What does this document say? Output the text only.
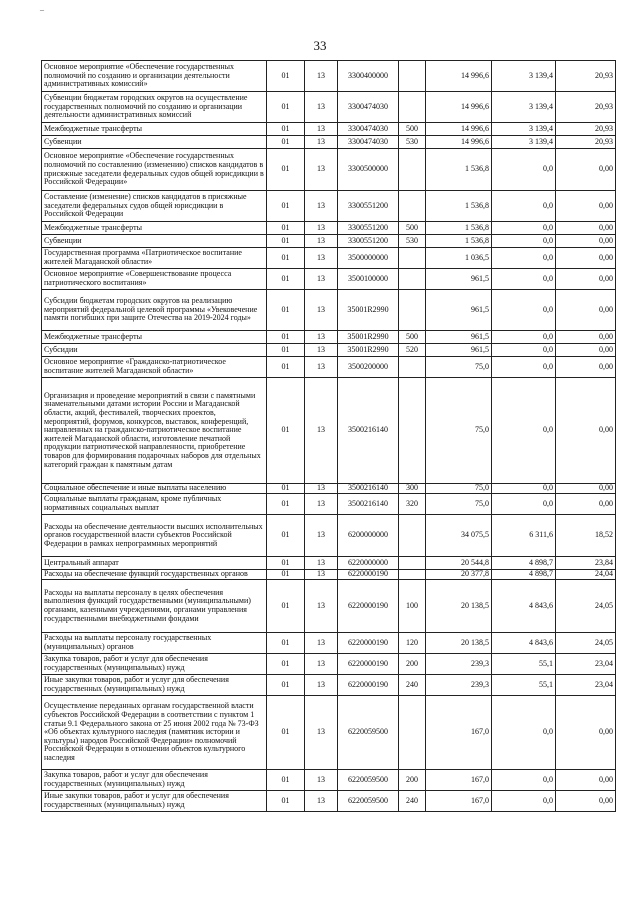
–
33
Основное мероприятие «Обеспечение государственных полномочий по созданию и организации деятельности административных комиссий»	01	13	3300400000		14 996,6	3 139,4	20,93
Субвенции бюджетам городских округов на осуществление государственных полномочий по созданию и организации деятельности административных комиссий	01	13	3300474030		14 996,6	3 139,4	20,93
Межбюджетные трансферты	01	13	3300474030	500	14 996,6	3 139,4	20,93
Субвенции	01	13	3300474030	530	14 996,6	3 139,4	20,93
Основное мероприятие «Обеспечение государственных полномочий по составлению (изменению) списков кандидатов в присяжные заседатели федеральных судов общей юрисдикции в Российской Федерации»	01	13	3300500000		1 536,8	0,0	0,00
Составление (изменение) списков кандидатов в присяжные заседатели федеральных судов общей юрисдикции в Российской Федерации	01	13	3300551200		1 536,8	0,0	0,00
Межбюджетные трансферты	01	13	3300551200	500	1 536,8	0,0	0,00
Субвенции	01	13	3300551200	530	1 536,8	0,0	0,00
Государственная программа «Патриотическое воспитание жителей Магаданской области»	01	13	3500000000		1 036,5	0,0	0,00
Основное мероприятие «Совершенствование процесса патриотического воспитания»	01	13	3500100000		961,5	0,0	0,00
Субсидии бюджетам городских округов на реализацию мероприятий федеральной целевой программы «Увековечение памяти погибших при защите Отечества на 2019-2024 годы»	01	13	35001R2990		961,5	0,0	0,00
Межбюджетные трансферты	01	13	35001R2990	500	961,5	0,0	0,00
Субсидии	01	13	35001R2990	520	961,5	0,0	0,00
Основное мероприятие «Гражданско-патриотическое воспитание жителей Магаданской области»	01	13	3500200000		75,0	0,0	0,00
Организация и проведение мероприятий в связи с памятными знаменательными датами истории России и Магаданской области, акций, фестивалей, творческих проектов, мероприятий, форумов, конкурсов, выставок, конференций, направленных на гражданско-патриотическое воспитание жителей Магаданской области, изготовление печатной продукции патриотической направленности, приобретение товаров для формирования подарочных наборов для отдельных категорий граждан к памятным датам	01	13	3500216140		75,0	0,0	0,00
Социальное обеспечение и иные выплаты населению	01	13	3500216140	300	75,0	0,0	0,00
Социальные выплаты гражданам, кроме публичных нормативных социальных выплат	01	13	3500216140	320	75,0	0,0	0,00
Расходы на обеспечение деятельности высших исполнительных органов государственной власти субъектов Российской Федерации в рамках непрограммных мероприятий	01	13	6200000000		34 075,5	6 311,6	18,52
Центральный аппарат	01	13	6220000000		20 544,8	4 898,7	23,84
Расходы на обеспечение функций государственных органов	01	13	6220000190		20 377,8	4 898,7	24,04
Расходы на выплаты персоналу в целях обеспечения выполнения функций государственными (муниципальными) органами, казенными учреждениями, органами управления государственными внебюджетными фондами	01	13	6220000190	100	20 138,5	4 843,6	24,05
Расходы на выплаты персоналу государственных (муниципальных) органов	01	13	6220000190	120	20 138,5	4 843,6	24,05
Закупка товаров, работ и услуг для обеспечения государственных (муниципальных) нужд	01	13	6220000190	200	239,3	55,1	23,04
Иные закупки товаров, работ и услуг для обеспечения государственных (муниципальных) нужд	01	13	6220000190	240	239,3	55,1	23,04
Осуществление переданных органам государственной власти субъектов Российской Федерации в соответствии с пунктом 1 статьи 9.1 Федерального закона от 25 июня 2002 года № 73-ФЗ «Об объектах культурного наследия (памятник истории и культуры) народов Российской Федерации» полномочий Российской Федерации в отношении объектов культурного наследия	01	13	6220059500		167,0	0,0	0,00
Закупка товаров, работ и услуг для обеспечения государственных (муниципальных) нужд	01	13	6220059500	200	167,0	0,0	0,00
Иные закупки товаров, работ и услуг для обеспечения государственных (муниципальных) нужд	01	13	6220059500	240	167,0	0,0	0,00
